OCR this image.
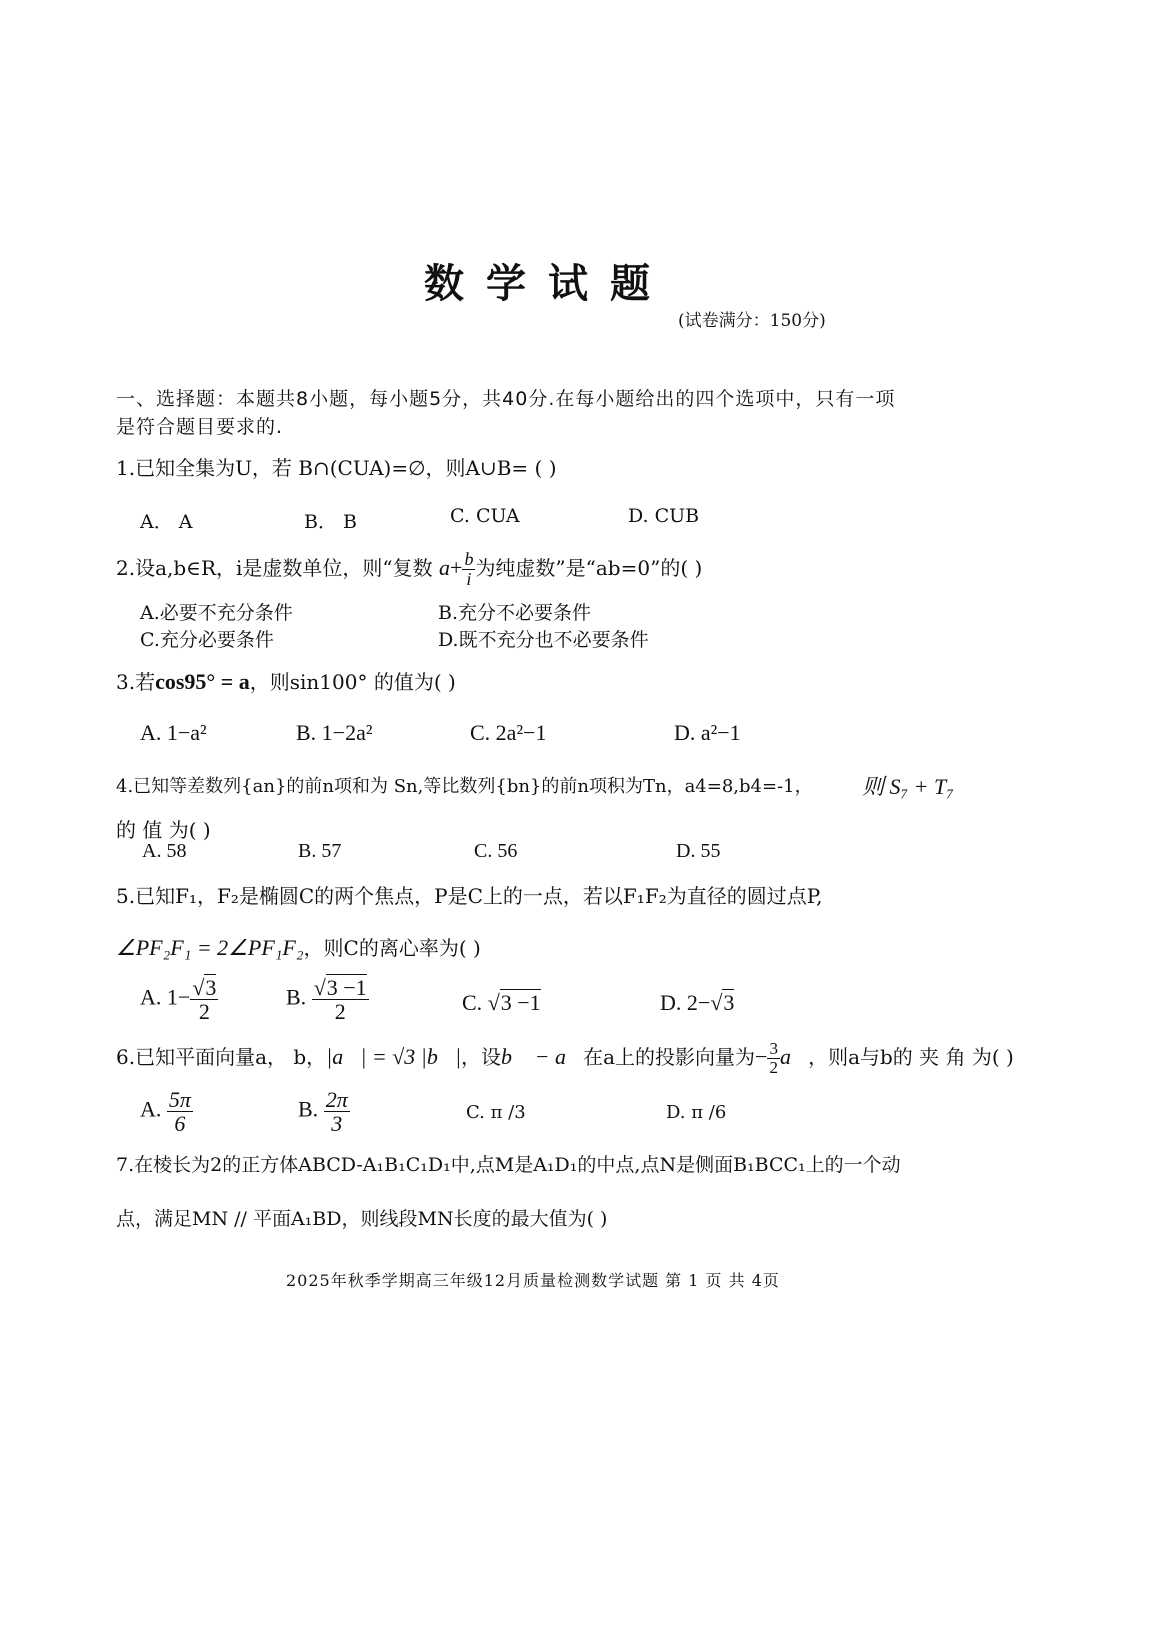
数学试题
(试卷满分：150分)
一、选择题：本题共8小题，每小题5分，共40分.在每小题给出的四个选项中，只有一项
是符合题目要求的.
1.已知全集为U，若 B∩(CUA)=∅，则A∪B= ( )
A． A	B． B	C. CUA	D. CUB
2.设a,b∈R，i是虚数单位，则“复数 $a+ \frac{b}{i}$ 为纯虚数”是“ab=0”的( )
A.必要不充分条件	B.充分不必要条件
C.充分必要条件	D.既不充分也不必要条件
3.若cos95° = a，则sin100° 的值为( )
A. 1−a²	B. 1−2a²	C. 2a²−1	D. a²−1
4.已知等差数列{an}的前n项和为 Sn,等比数列{bn}的前n项积为Tn，a4=8,b4=-1， 则 S₇ + T₇
的 值 为( )
A. 58	B. 57	C. 56	D. 55
5.已知F₁，F₂是椭圆C的两个焦点，P是C上的一点，若以F₁F₂为直径的圆过点P,
∠PF₂F₁ = 2∠PF₁F₂，则C的离心率为( )
A. $1- \frac{√3}{2}$	B. $\frac{√3 -1}{2}$	C. √3 −1	D. 2−√3
6.已知平面向量a， b，|a⃗| = √3 |b⃗|，设b⃗ − a⃗在a上的投影向量为− $\frac{3}{2}$ a⃗，则a与b的 夹 角 为( )
A. $\frac{5\pi}{6}$	B. $\frac{2\pi}{3}$	C. π /3	D. π /6
7.在棱长为2的正方体ABCD-A₁B₁C₁D₁中,点M是A₁D₁的中点,点N是侧面B₁BCC₁上的一个动
点，满足MN // 平面A₁BD，则线段MN长度的最大值为( )
2025年秋季学期高三年级12月质量检测数学试题 第 1 页 共 4页
